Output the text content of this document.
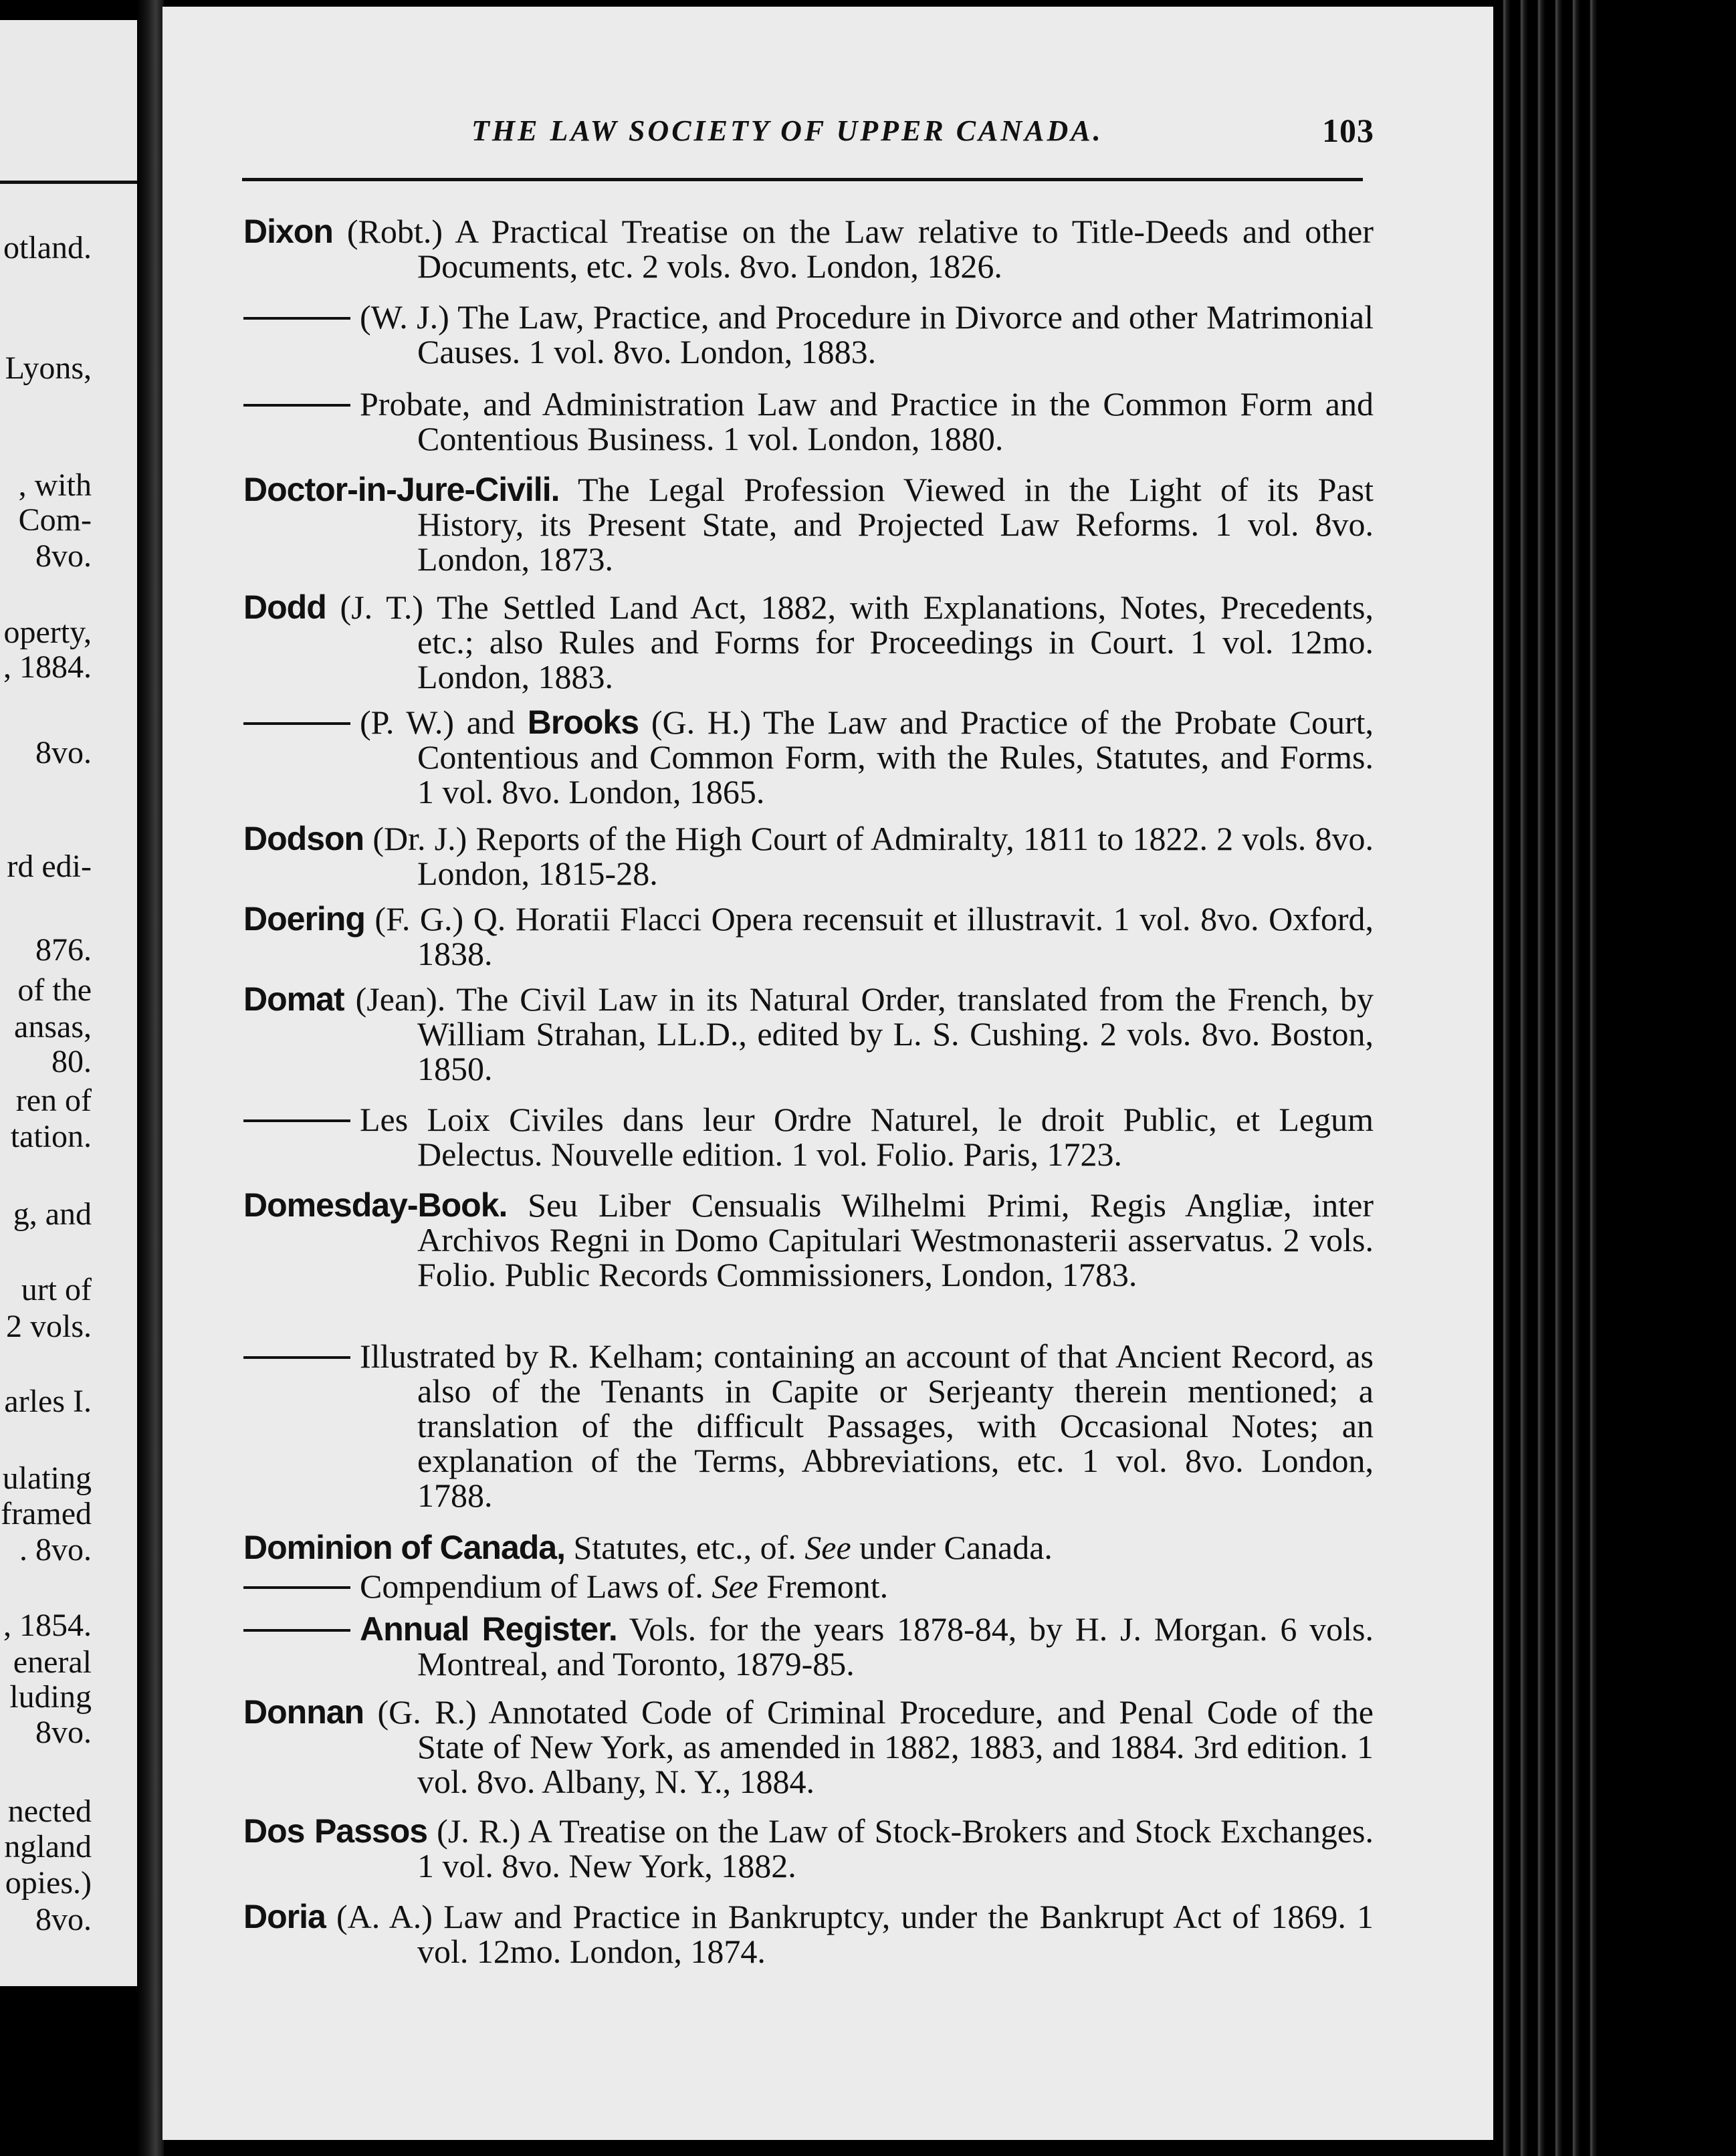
otland.
Lyons,
, with
Com-
8vo.
operty,
, 1884.
8vo.
rd edi-
876.
of the
ansas,
80.
ren of
tation.
g, and
urt of
2 vols.
arles I.
ulating
framed
. 8vo.
, 1854.
eneral
luding
8vo.
nected
ngland
opies.)
8vo.
THE LAW SOCIETY OF UPPER CANADA.	103
Dixon (Robt.) A Practical Treatise on the Law relative to Title-Deeds and other Documents, etc. 2 vols. 8vo. London, 1826.
(W. J.) The Law, Practice, and Procedure in Divorce and other Matrimonial Causes. 1 vol. 8vo. London, 1883.
Probate, and Administration Law and Practice in the Common Form and Contentious Business. 1 vol. London, 1880.
Doctor-in-Jure-Civili. The Legal Profession Viewed in the Light of its Past History, its Present State, and Projected Law Reforms. 1 vol. 8vo. London, 1873.
Dodd (J. T.) The Settled Land Act, 1882, with Explanations, Notes, Precedents, etc.; also Rules and Forms for Proceedings in Court. 1 vol. 12mo. London, 1883.
(P. W.) and Brooks (G. H.) The Law and Practice of the Probate Court, Contentious and Common Form, with the Rules, Statutes, and Forms. 1 vol. 8vo. London, 1865.
Dodson (Dr. J.) Reports of the High Court of Admiralty, 1811 to 1822. 2 vols. 8vo. London, 1815-28.
Doering (F. G.) Q. Horatii Flacci Opera recensuit et illustravit. 1 vol. 8vo. Oxford, 1838.
Domat (Jean). The Civil Law in its Natural Order, translated from the French, by William Strahan, LL.D., edited by L. S. Cushing. 2 vols. 8vo. Boston, 1850.
Les Loix Civiles dans leur Ordre Naturel, le droit Public, et Legum Delectus. Nouvelle edition. 1 vol. Folio. Paris, 1723.
Domesday-Book. Seu Liber Censualis Wilhelmi Primi, Regis Angliæ, inter Archivos Regni in Domo Capitulari Westmonasterii asservatus. 2 vols. Folio. Public Records Commissioners, London, 1783.
Illustrated by R. Kelham; containing an account of that Ancient Record, as also of the Tenants in Capite or Serjeanty therein mentioned; a translation of the difficult Passages, with Occasional Notes; an explanation of the Terms, Abbreviations, etc. 1 vol. 8vo. London, 1788.
Dominion of Canada, Statutes, etc., of. See under Canada.
Compendium of Laws of. See Fremont.
Annual Register. Vols. for the years 1878-84, by H. J. Morgan. 6 vols. Montreal, and Toronto, 1879-85.
Donnan (G. R.) Annotated Code of Criminal Procedure, and Penal Code of the State of New York, as amended in 1882, 1883, and 1884. 3rd edition. 1 vol. 8vo. Albany, N. Y., 1884.
Dos Passos (J. R.) A Treatise on the Law of Stock-Brokers and Stock Exchanges. 1 vol. 8vo. New York, 1882.
Doria (A. A.) Law and Practice in Bankruptcy, under the Bankrupt Act of 1869. 1 vol. 12mo. London, 1874.
